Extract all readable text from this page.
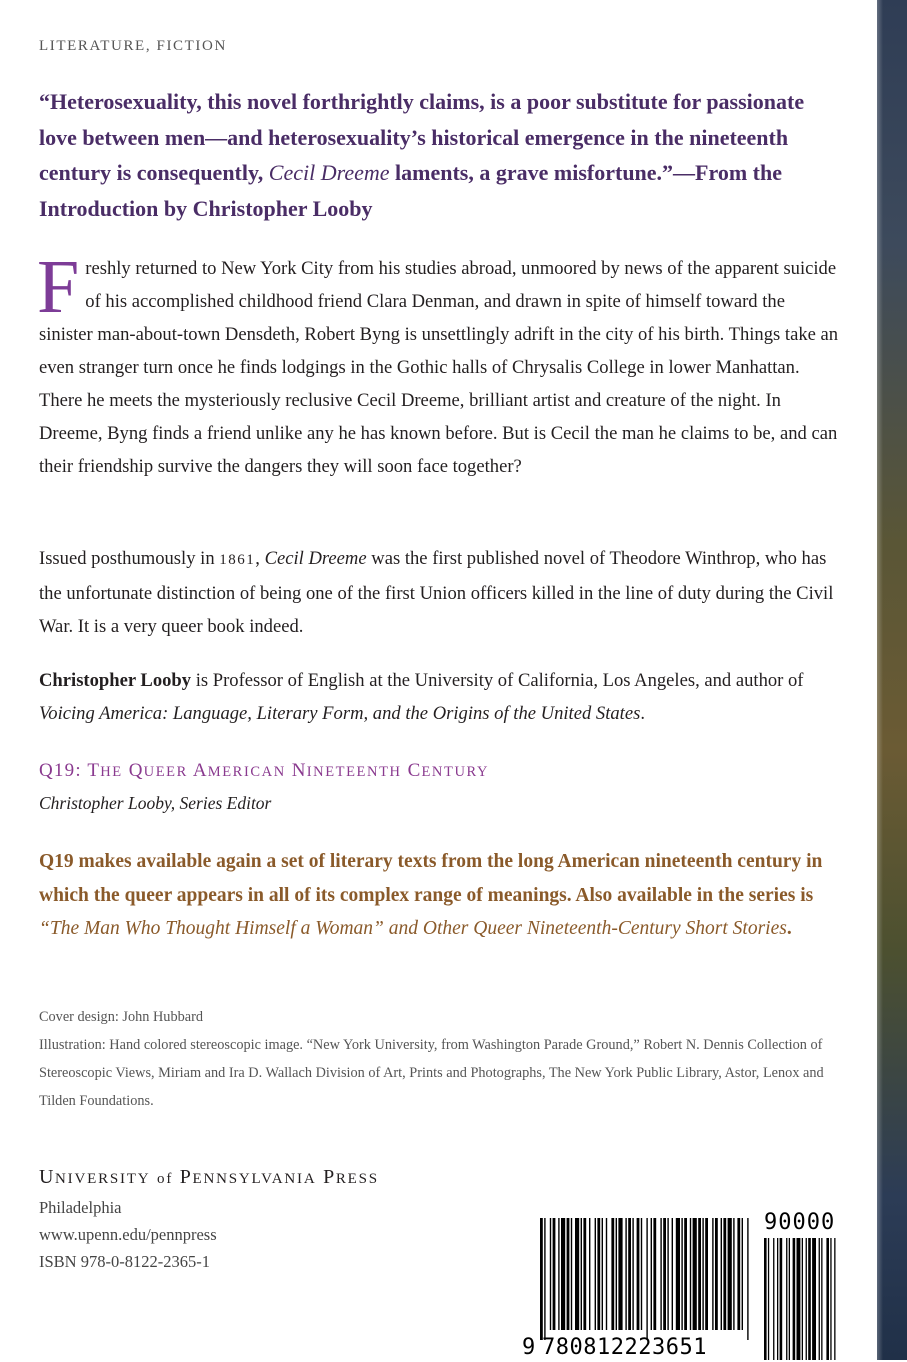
LITERATURE, FICTION

“Heterosexuality, this novel forthrightly claims, is a poor substitute for passionate love between men—and heterosexuality’s historical emergence in the nineteenth century is consequently, Cecil Dreeme laments, a grave misfortune.”—From the Introduction by Christopher Looby

Freshly returned to New York City from his studies abroad, unmoored by news of the apparent suicide of his accomplished childhood friend Clara Denman, and drawn in spite of himself toward the sinister man-about-town Densdeth, Robert Byng is unsettlingly adrift in the city of his birth. Things take an even stranger turn once he finds lodgings in the Gothic halls of Chrysalis College in lower Manhattan. There he meets the mysteriously reclusive Cecil Dreeme, brilliant artist and creature of the night. In Dreeme, Byng finds a friend unlike any he has known before. But is Cecil the man he claims to be, and can their friendship survive the dangers they will soon face together?

Issued posthumously in 1861, Cecil Dreeme was the first published novel of Theodore Winthrop, who has the unfortunate distinction of being one of the first Union officers killed in the line of duty during the Civil War. It is a very queer book indeed.

Christopher Looby is Professor of English at the University of California, Los Angeles, and author of Voicing America: Language, Literary Form, and the Origins of the United States.

Q19: THE QUEER AMERICAN NINETEENTH CENTURY
Christopher Looby, Series Editor

Q19 makes available again a set of literary texts from the long American nineteenth century in which the queer appears in all of its complex range of meanings. Also available in the series is “The Man Who Thought Himself a Woman” and Other Queer Nineteenth-Century Short Stories.

Cover design: John Hubbard
Illustration: Hand colored stereoscopic image. “New York University, from Washington Parade Ground,” Robert N. Dennis Collection of Stereoscopic Views, Miriam and Ira D. Wallach Division of Art, Prints and Photographs, The New York Public Library, Astor, Lenox and Tilden Foundations.

UNIVERSITY of PENNSYLVANIA PRESS
Philadelphia
www.upenn.edu/pennpress
ISBN 978-0-8122-2365-1
9 780812223651
90000
